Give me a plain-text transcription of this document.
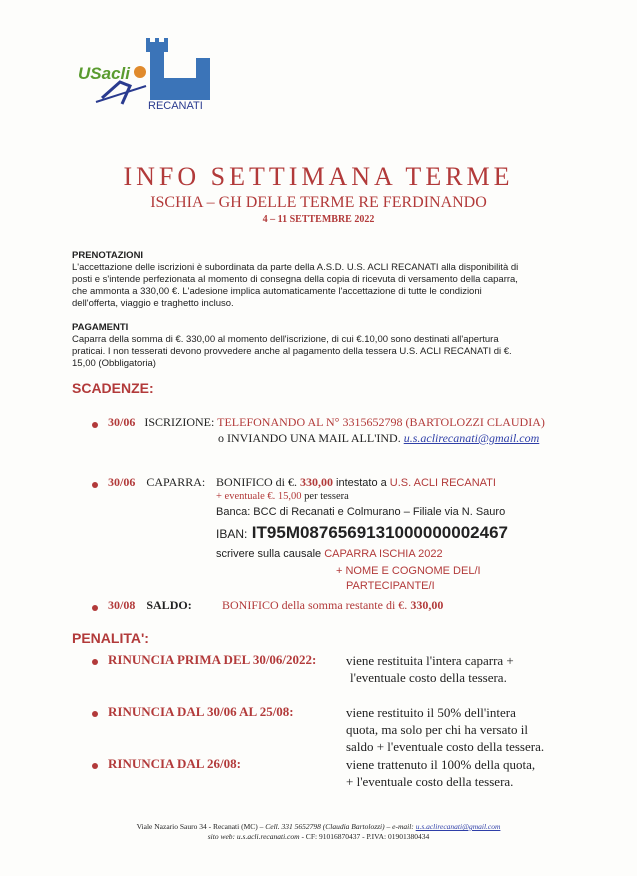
USacli
RECANATI
INFO SETTIMANA TERME
ISCHIA – GH DELLE TERME RE FERDINANDO
4 – 11 SETTEMBRE 2022
PRENOTAZIONI
L'accettazione delle iscrizioni è subordinata da parte della A.S.D. U.S. ACLI RECANATI alla disponibilità di
posti e s'intende perfezionata al momento di consegna della copia di ricevuta di versamento della caparra,
che ammonta a 330,00 €. L'adesione implica automaticamente l'accettazione di tutte le condizioni
dell'offerta, viaggio e traghetto incluso.
PAGAMENTI
Caparra della somma di €. 330,00 al momento dell'iscrizione, di cui €.10,00 sono destinati all'apertura
praticai. I non tesserati devono provvedere anche al pagamento della tessera U.S. ACLI RECANATI di €.
15,00 (Obbligatoria)
SCADENZE:
30/06 ISCRIZIONE: TELEFONANDO AL N° 3315652798 (BARTOLOZZI CLAUDIA)
o INVIANDO UNA MAIL ALL'IND. u.s.aclirecanati@gmail.com
30/06 CAPARRA: BONIFICO di €. 330,00 intestato a U.S. ACLI RECANATI
+ eventuale €. 15,00 per tessera
Banca: BCC di Recanati e Colmurano – Filiale via N. Sauro
IBAN: IT95M0876569131000000002467
scrivere sulla causale CAPARRA ISCHIA 2022
+ NOME E COGNOME DEL/I
PARTECIPANTE/I
30/08 SALDO:	BONIFICO della somma restante di €. 330,00
PENALITA':
RINUNCIA PRIMA DEL 30/06/2022: viene restituita l'intera caparra +
l'eventuale costo della tessera.
RINUNCIA DAL 30/06 AL 25/08:	viene restituito il 50% dell'intera
quota, ma solo per chi ha versato il
saldo + l'eventuale costo della tessera.
RINUNCIA DAL 26/08:	viene trattenuto il 100% della quota,
+ l'eventuale costo della tessera.
Viale Nazario Sauro 34 - Recanati (MC) – Cell. 331 5652798 (Claudia Bartolozzi) – e-mail: u.s.aclirecanati@gmail.com
sito web: u.s.acli.recanati.com - CF: 91016870437 - P.IVA: 01901380434
